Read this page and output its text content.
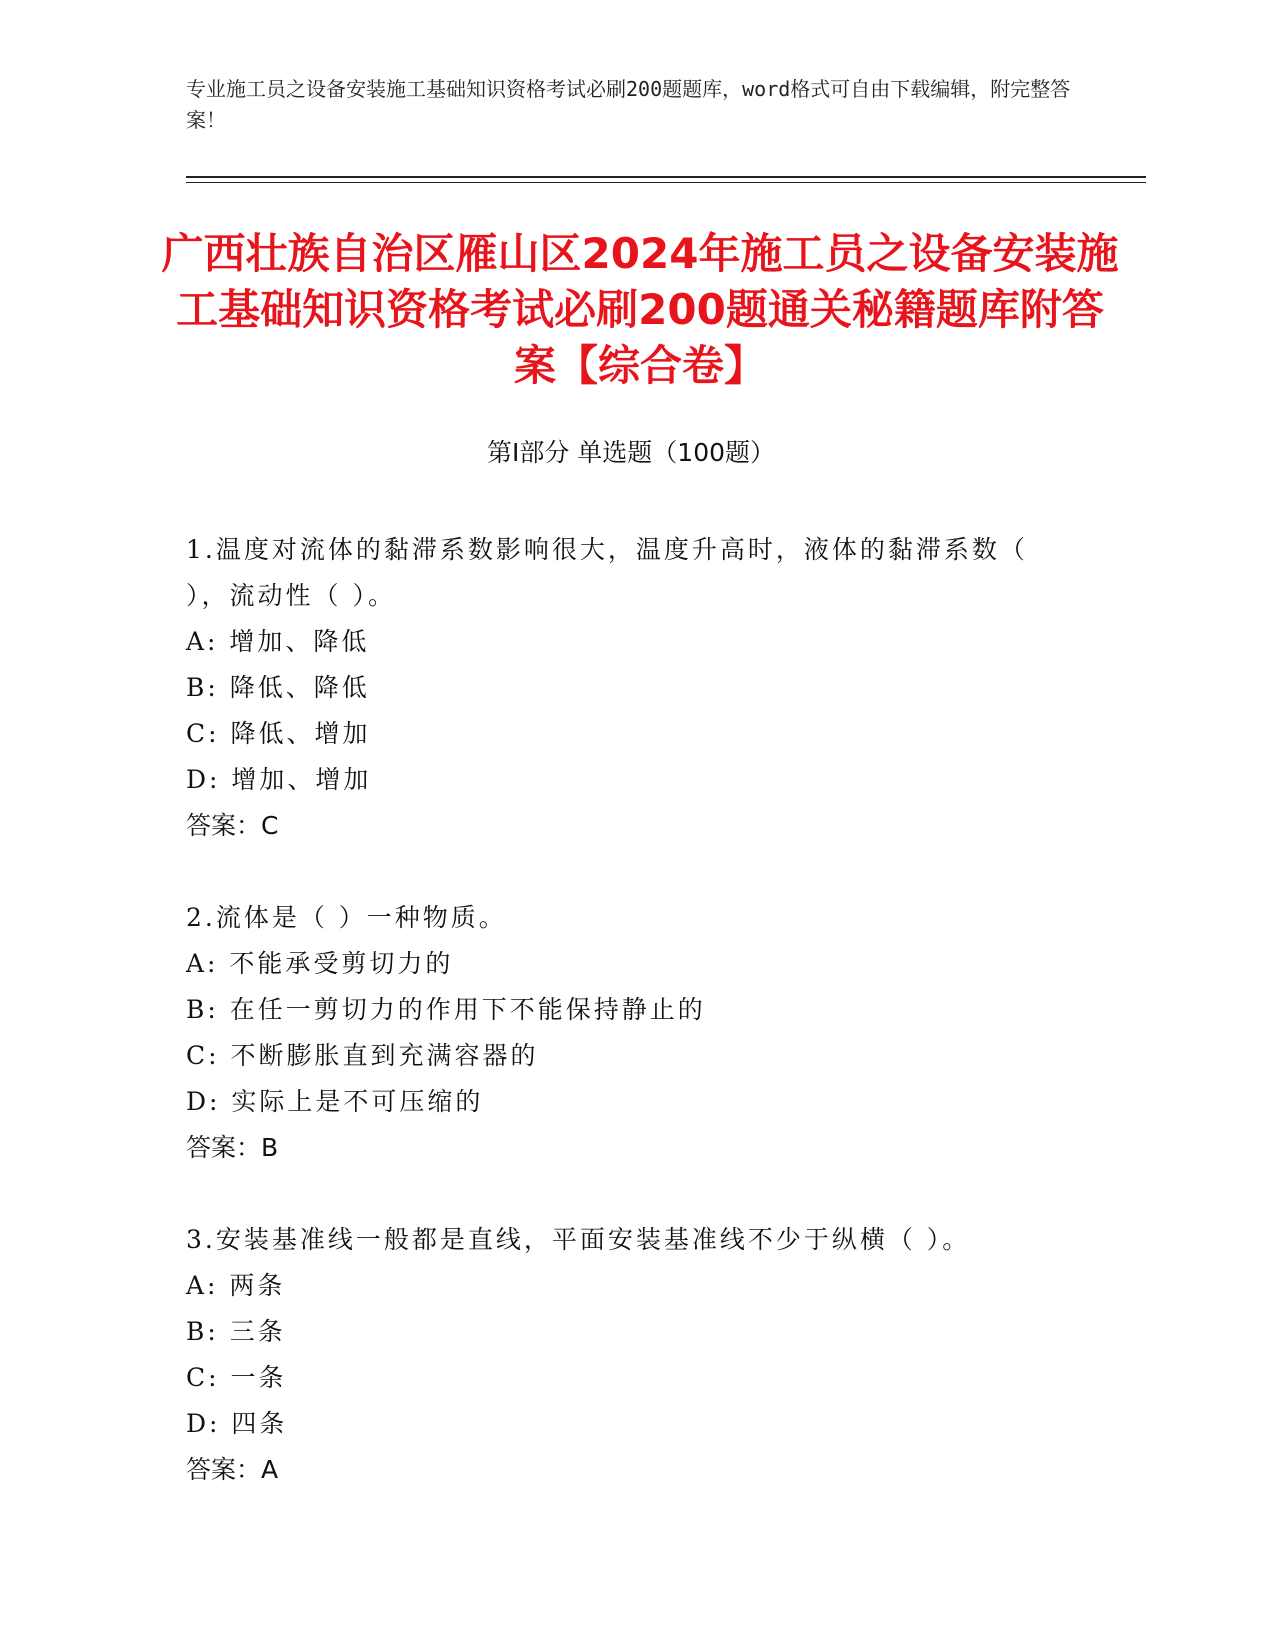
专业施工员之设备安装施工基础知识资格考试必刷200题题库，word格式可自由下载编辑，附完整答案！
广西壮族自治区雁山区2024年施工员之设备安装施工基础知识资格考试必刷200题通关秘籍题库附答案【综合卷】
第Ⅰ部分 单选题（100题）
1.温度对流体的黏滞系数影响很大，温度升高时，液体的黏滞系数（ ），流动性（ ）。
A: 增加、降低
B: 降低、降低
C: 降低、增加
D: 增加、增加
答案：C
2.流体是（ ）一种物质。
A: 不能承受剪切力的
B: 在任一剪切力的作用下不能保持静止的
C: 不断膨胀直到充满容器的
D: 实际上是不可压缩的
答案：B
3.安装基准线一般都是直线，平面安装基准线不少于纵横（ ）。
A: 两条
B: 三条
C: 一条
D: 四条
答案：A
